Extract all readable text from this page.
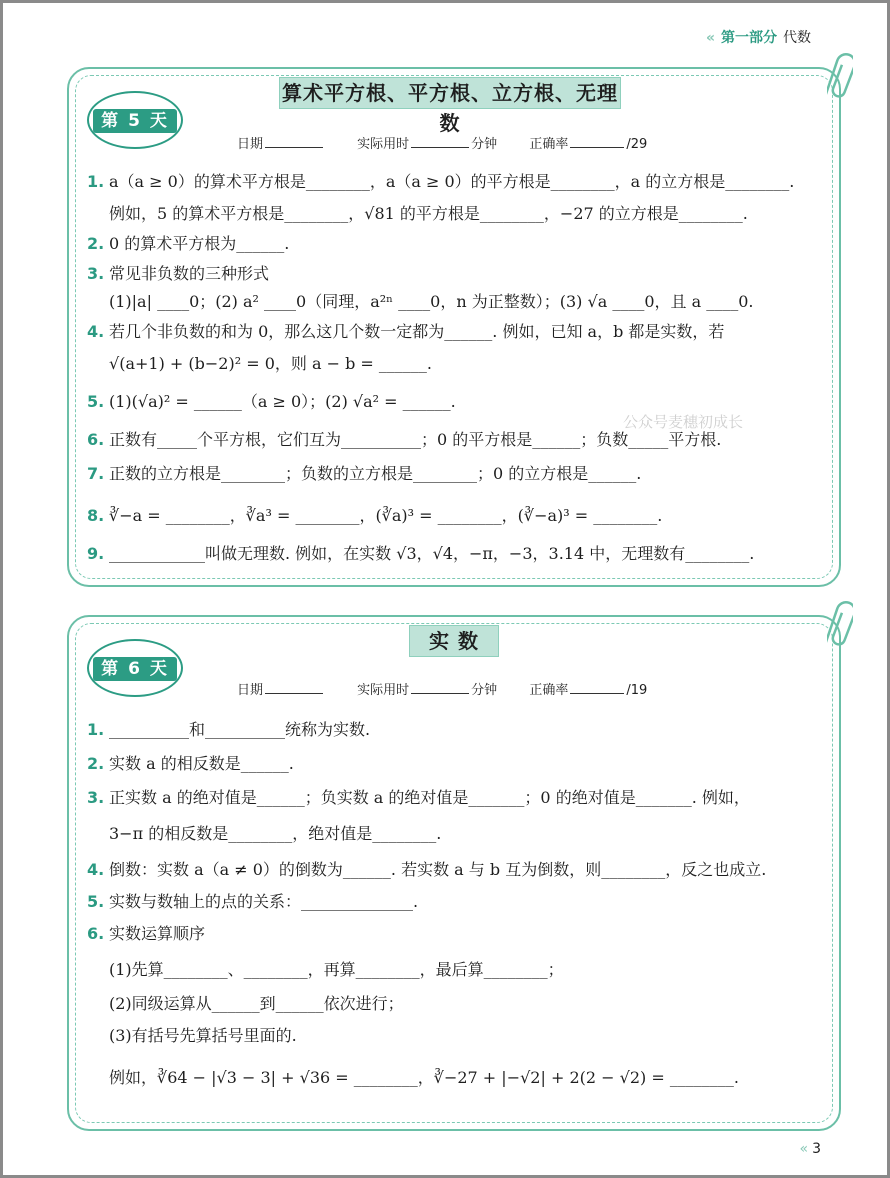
« 第一部分 代数
算术平方根、平方根、立方根、无理数
第 5 天
日期	实际用时	分钟 正确率	/29
1. a（a ≥ 0）的算术平方根是________，a（a ≥ 0）的平方根是________，a 的立方根是________.
例如，5 的算术平方根是________，√81 的平方根是________，−27 的立方根是________.
2. 0 的算术平方根为______.
3. 常见非负数的三种形式
(1)|a| ____0；(2) a² ____0（同理，a²ⁿ ____0，n 为正整数）；(3) √a ____0，且 a ____0.
4. 若几个非负数的和为 0，那么这几个数一定都为______. 例如，已知 a，b 都是实数，若
√(a+1) + (b−2)² = 0，则 a − b = ______.
5. (1)(√a)² = ______（a ≥ 0）；(2) √a² = ______.
6. 正数有_____个平方根，它们互为__________；0 的平方根是______；负数_____平方根.
7. 正数的立方根是________；负数的立方根是________；0 的立方根是______.
8. ∛−a = ________，∛a³ = ________，(∛a)³ = ________，(∛−a)³ = ________.
9. ____________叫做无理数. 例如，在实数 √3，√4，−π，−3，3.14 中，无理数有________.
公众号麦穗初成长
实 数
第 6 天
日期	实际用时	分钟 正确率	/19
1. __________和__________统称为实数.
2. 实数 a 的相反数是______.
3. 正实数 a 的绝对值是______；负实数 a 的绝对值是_______；0 的绝对值是_______. 例如，
3−π 的相反数是________，绝对值是________.
4. 倒数：实数 a（a ≠ 0）的倒数为______. 若实数 a 与 b 互为倒数，则________，反之也成立.
5. 实数与数轴上的点的关系：______________.
6. 实数运算顺序
(1)先算________、________，再算________，最后算________；
(2)同级运算从______到______依次进行；
(3)有括号先算括号里面的.
例如，∛64 − |√3 − 3| + √36 = ________，∛−27 + |−√2| + 2(2 − √2) = ________.
« 3
